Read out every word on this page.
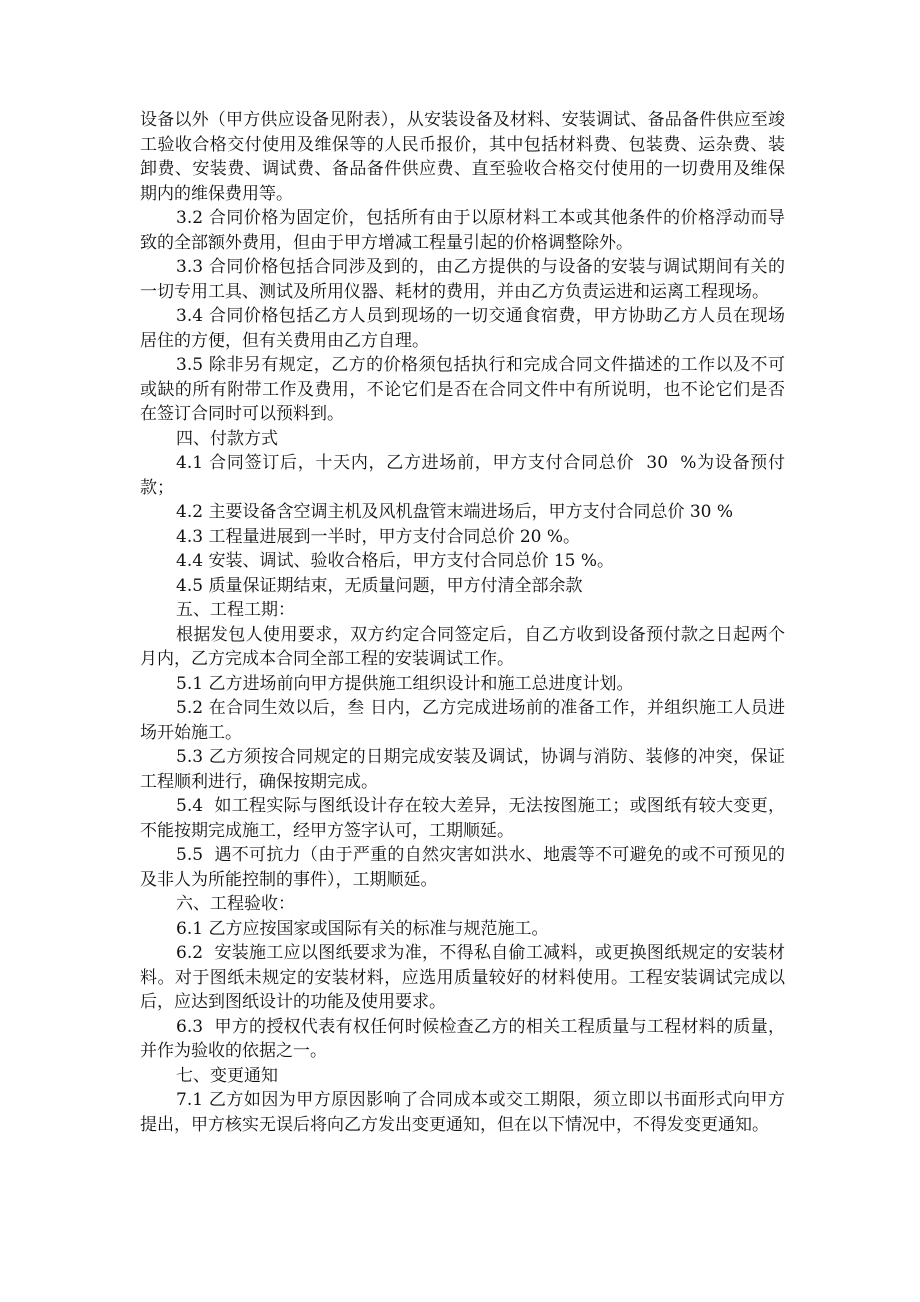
设备以外（甲方供应设备见附表），从安装设备及材料、安装调试、备品备件供应至竣工验收合格交付使用及维保等的人民币报价，其中包括材料费、包装费、运杂费、装卸费、安装费、调试费、备品备件供应费、直至验收合格交付使用的一切费用及维保期内的维保费用等。

3.2 合同价格为固定价，包括所有由于以原材料工本或其他条件的价格浮动而导致的全部额外费用，但由于甲方增减工程量引起的价格调整除外。

3.3 合同价格包括合同涉及到的，由乙方提供的与设备的安装与调试期间有关的一切专用工具、测试及所用仪器、耗材的费用，并由乙方负责运进和运离工程现场。

3.4 合同价格包括乙方人员到现场的一切交通食宿费，甲方协助乙方人员在现场居住的方便，但有关费用由乙方自理。

3.5 除非另有规定，乙方的价格须包括执行和完成合同文件描述的工作以及不可或缺的所有附带工作及费用，不论它们是否在合同文件中有所说明，也不论它们是否在签订合同时可以预料到。

四、付款方式

4.1 合同签订后，十天内，乙方进场前，甲方支付合同总价  30  %为设备预付款；

4.2 主要设备含空调主机及风机盘管末端进场后，甲方支付合同总价 30 %

4.3 工程量进展到一半时，甲方支付合同总价 20 %。

4.4 安装、调试、验收合格后，甲方支付合同总价 15 %。

4.5 质量保证期结束，无质量问题，甲方付清全部余款

五、工程工期：

根据发包人使用要求，双方约定合同签定后，自乙方收到设备预付款之日起两个月内，乙方完成本合同全部工程的安装调试工作。

5.1 乙方进场前向甲方提供施工组织设计和施工总进度计划。

5.2 在合同生效以后，叁 日内，乙方完成进场前的准备工作，并组织施工人员进场开始施工。

5.3 乙方须按合同规定的日期完成安装及调试，协调与消防、装修的冲突，保证工程顺利进行，确保按期完成。

5.4  如工程实际与图纸设计存在较大差异，无法按图施工；或图纸有较大变更，不能按期完成施工，经甲方签字认可，工期顺延。

5.5  遇不可抗力（由于严重的自然灾害如洪水、地震等不可避免的或不可预见的及非人为所能控制的事件），工期顺延。

六、工程验收：

6.1 乙方应按国家或国际有关的标准与规范施工。

6.2  安装施工应以图纸要求为准，不得私自偷工减料，或更换图纸规定的安装材料。对于图纸未规定的安装材料，应选用质量较好的材料使用。工程安装调试完成以后，应达到图纸设计的功能及使用要求。

6.3  甲方的授权代表有权任何时候检查乙方的相关工程质量与工程材料的质量，并作为验收的依据之一。

七、变更通知

7.1 乙方如因为甲方原因影响了合同成本或交工期限，须立即以书面形式向甲方提出，甲方核实无误后将向乙方发出变更通知，但在以下情况中，不得发变更通知。
